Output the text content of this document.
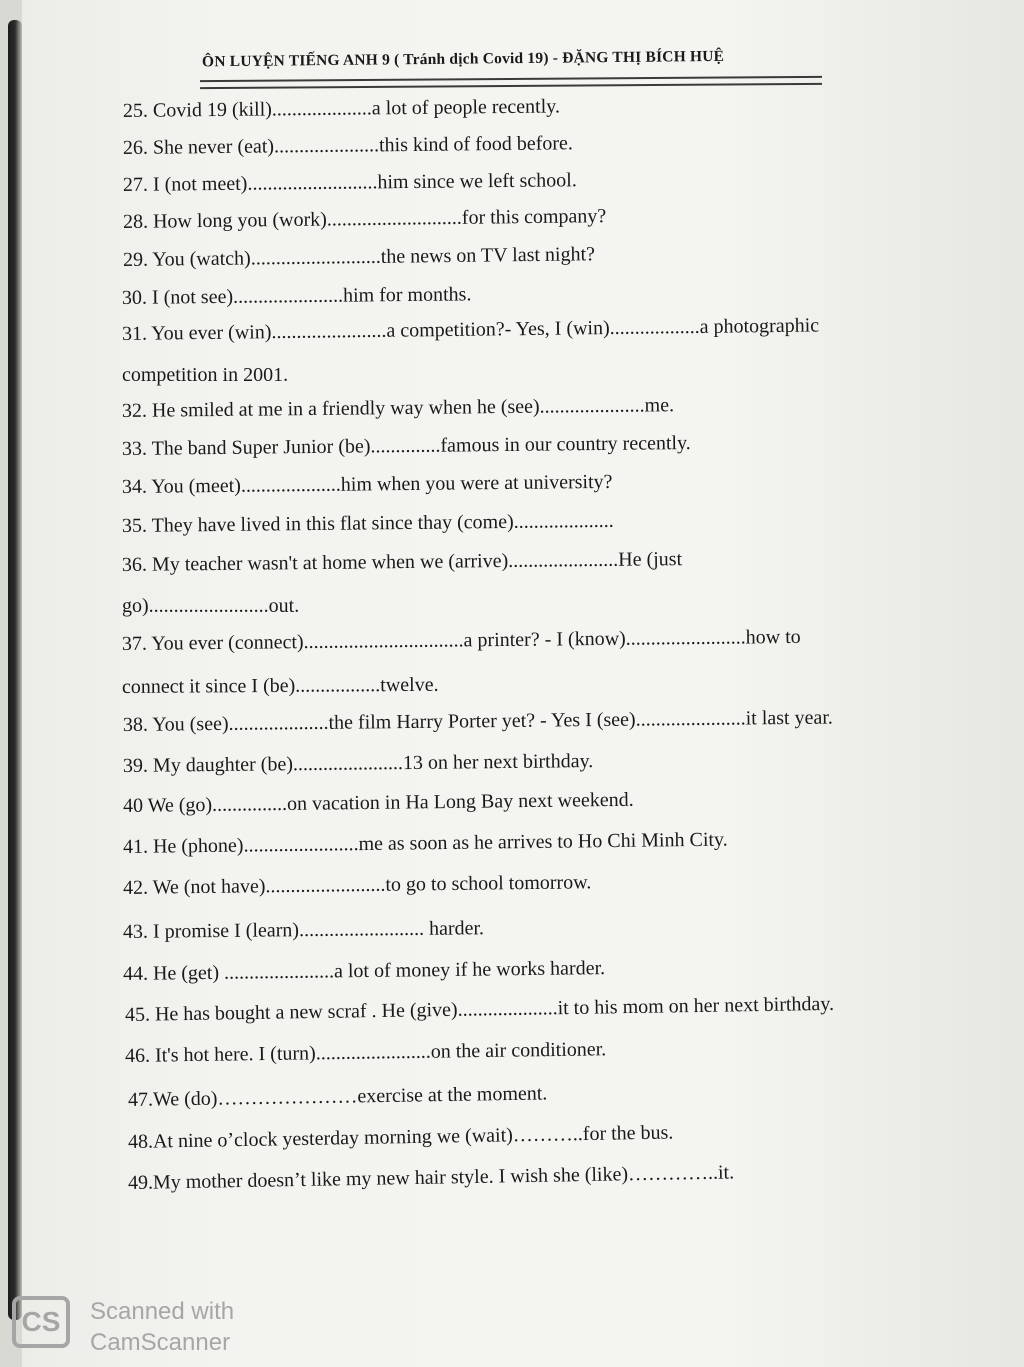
ÔN LUYỆN TIẾNG ANH 9 ( Tránh dịch Covid 19) - ĐẶNG THỊ BÍCH HUỆ
25. Covid 19 (kill)....................a lot of people recently.
26. She never (eat).....................this kind of food before.
27. I (not meet)..........................him since we left school.
28. How long you (work)...........................for this company?
29. You (watch)..........................the news on TV last night?
30. I (not see)......................him for months.
31. You ever (win).......................a competition?- Yes, I (win)..................a photographic
competition in 2001.
32. He smiled at me in a friendly way when he (see).....................me.
33. The band Super Junior (be)..............famous in our country recently.
34. You (meet)....................him when you were at university?
35. They have lived in this flat since thay (come)....................
36. My teacher wasn't at home when we (arrive)......................He (just
go)........................out.
37. You ever (connect)................................a printer? - I (know)........................how to
connect it since I (be).................twelve.
38. You (see)....................the film Harry Porter yet? - Yes I (see)......................it last year.
39. My daughter (be)......................13 on her next birthday.
40 We (go)...............on vacation in Ha Long Bay next weekend.
41. He (phone).......................me as soon as he arrives to Ho Chi Minh City.
42. We (not have)........................to go to school tomorrow.
43. I promise I (learn)......................... harder.
44. He (get) ......................a lot of money if he works harder.
45. He has bought a new scraf . He (give)....................it to his mom on her next birthday.
46. It's hot here. I (turn).......................on the air conditioner.
47.We (do)…………………exercise at the moment.
48.At nine o’clock yesterday morning we (wait)………..for the bus.
49.My mother doesn’t like my new hair style. I wish she (like)…………..it.
CS	Scanned with
CamScanner
